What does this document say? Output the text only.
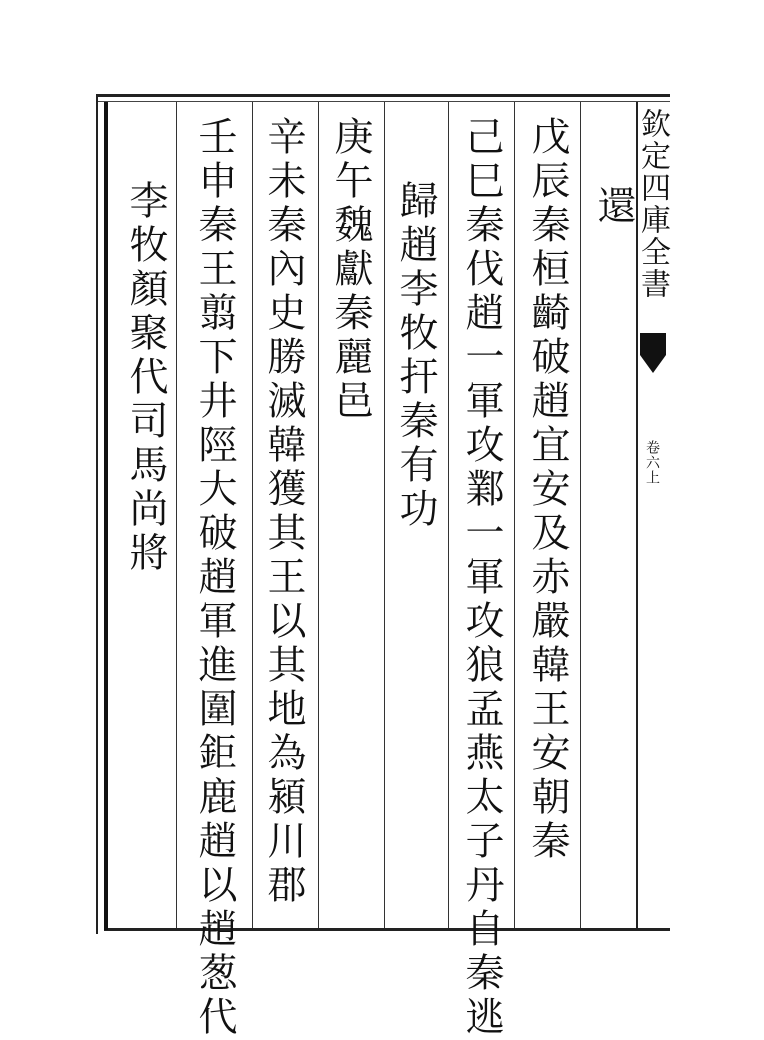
欽定四庫全書
卷六上
還
戊辰秦桓齮破趙宜安及赤嚴韓王安朝秦
己巳秦伐趙一軍攻鄴一軍攻狼孟燕太子丹自秦逃
歸趙李牧扞秦有功
庚午魏獻秦麗邑
辛未秦內史勝滅韓獲其王以其地為潁川郡
壬申秦王翦下井陘大破趙軍進圍鉅鹿趙以趙葱代
李牧顏聚代司馬尚將
